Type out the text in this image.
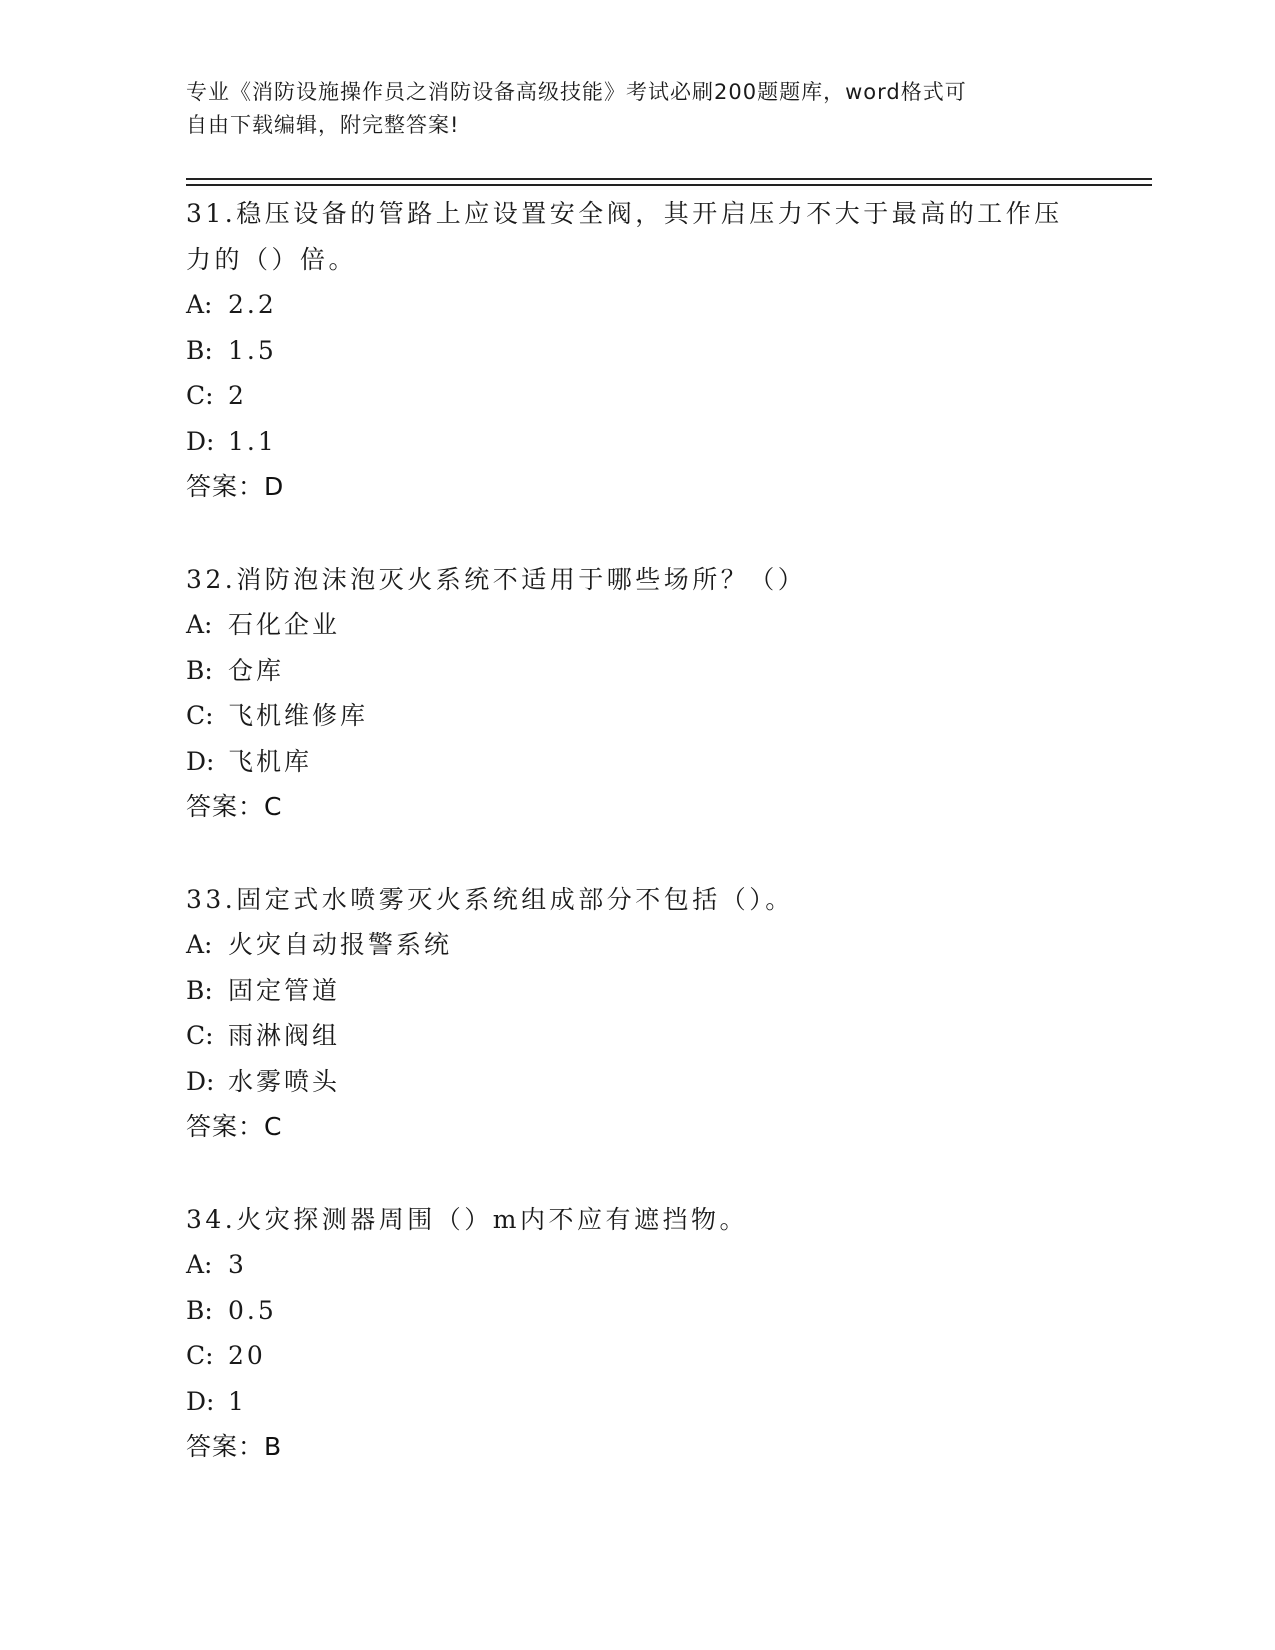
专业《消防设施操作员之消防设备高级技能》考试必刷200题题库，word格式可
自由下载编辑，附完整答案!
31.稳压设备的管路上应设置安全阀，其开启压力不大于最高的工作压力的（）倍。
A: 2.2
B: 1.5
C: 2
D: 1.1
答案：D
32.消防泡沫泡灭火系统不适用于哪些场所？（）
A: 石化企业
B: 仓库
C: 飞机维修库
D: 飞机库
答案：C
33.固定式水喷雾灭火系统组成部分不包括（）。
A: 火灾自动报警系统
B: 固定管道
C: 雨淋阀组
D: 水雾喷头
答案：C
34.火灾探测器周围（）m内不应有遮挡物。
A: 3
B: 0.5
C: 20
D: 1
答案：B
